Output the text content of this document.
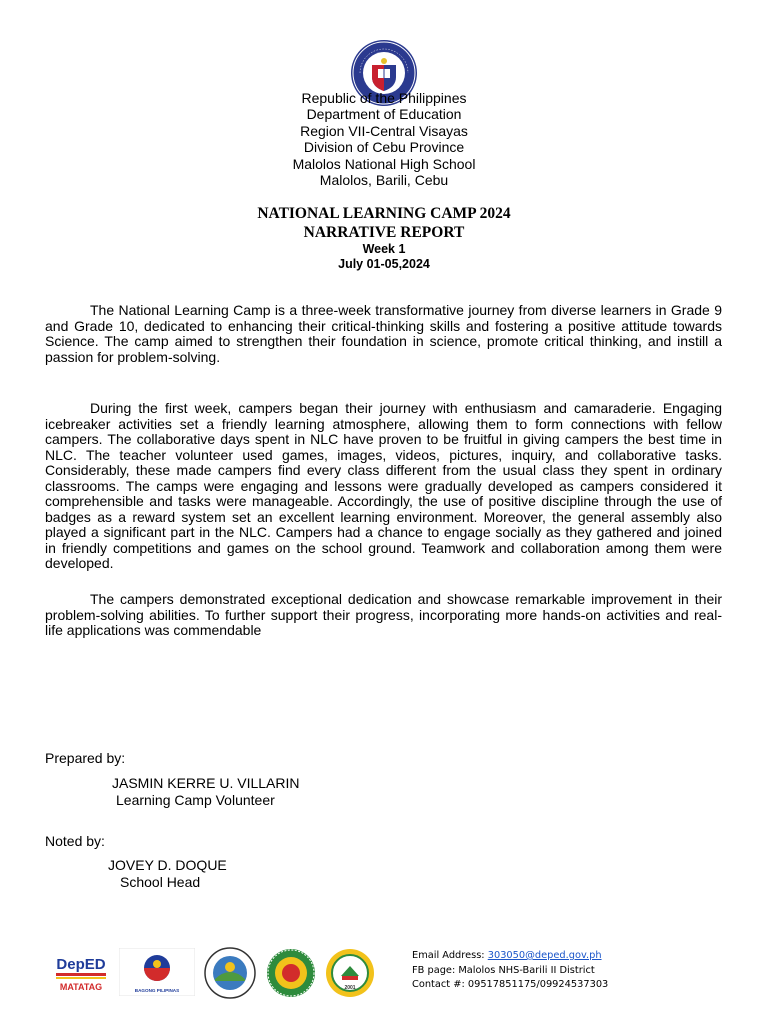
Republic of the Philippines
Department of Education
Region VII-Central Visayas
Division of Cebu Province
Malolos National High School
Malolos, Barili, Cebu
NATIONAL LEARNING CAMP 2024
NARRATIVE REPORT
Week 1
July 01-05,2024

The National Learning Camp is a three-week transformative journey from diverse learners in Grade 9 and Grade 10, dedicated to enhancing their critical-thinking skills and fostering a positive attitude towards Science. The camp aimed to strengthen their foundation in science, promote critical thinking, and instill a passion for problem-solving.

During the first week, campers began their journey with enthusiasm and camaraderie. Engaging icebreaker activities set a friendly learning atmosphere, allowing them to form connections with fellow campers. The collaborative days spent in NLC have proven to be fruitful in giving campers the best time in NLC. The teacher volunteer used games, images, videos, pictures, inquiry, and collaborative tasks. Considerably, these made campers find every class different from the usual class they spent in ordinary classrooms. The camps were engaging and lessons were gradually developed as campers considered it comprehensible and tasks were manageable. Accordingly, the use of positive discipline through the use of badges as a reward system set an excellent learning environment. Moreover, the general assembly also played a significant part in the NLC. Campers had a chance to engage socially as they gathered and joined in friendly competitions and games on the school ground. Teamwork and collaboration among them were developed.

The campers demonstrated exceptional dedication and showcase remarkable improvement in their problem-solving abilities. To further support their progress, incorporating more hands-on activities and real-life applications was commendable

Prepared by:
JASMIN KERRE U. VILLARIN
Learning Camp Volunteer
Noted by:
JOVEY D. DOQUE
School Head
DepED
MATATAG	BAGONG PILIPINAS	2001
Email Address: 303050@deped.gov.ph
FB page: Malolos NHS-Barili II District
Contact #: 09517851175/09924537303
